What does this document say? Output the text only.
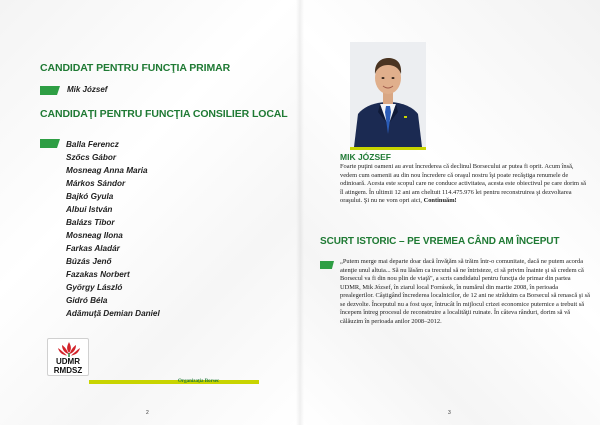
CANDIDAT PENTRU FUNCŢIA PRIMAR
Mik József
CANDIDAŢI PENTRU FUNCŢIA CONSILIER LOCAL
Balla Ferencz
Szőcs Gábor
Mosneag Anna Maria
Márkos Sándor
Bajkó Gyula
Albui István
Balázs Tibor
Mosneag Ilona
Farkas Aladár
Búzás Jenő
Fazakas Norbert
György László
Gidró Béla
Adămuţă Demian Daniel
UDMR
RMDSZ
Organizaţia Borsec
2
MIK JÓZSEF
Foarte puţini oameni au avut încrederea că declinul Borsecului ar putea fi oprit. Acum însă, vedem cum oamenii au din nou încredere că oraşul nostru îşi poate recăştiga renumele de odinioară. Acesta este scopul care ne conduce activitatea, acesta este obiectivul pe care dorim să îl atingem. În ultimii 12 ani am cheltuit 114.475.976 lei pentru reconstruirea şi dezvoltarea oraşului. Şi nu ne vom opri aici, Continuăm!
SCURT ISTORIC – PE VREMEA CÂND AM ÎNCEPUT
„Putem merge mai departe doar dacă învăţăm să trăim într-o comunitate, dacă ne putem acorda atenţie unul altuia... Să nu lăsăm ca trecutul să ne întristeze, ci să privim înainte şi să credem că Borsecul va fi din nou plin de viaţă", a scris candidatul pentru funcţia de primar din partea UDMR, Mik József, în ziarul local Források, în numărul din martie 2008, în perioada prealegerilor. Câştigând încrederea localnicilor, de 12 ani ne străduim ca Borsecul să renască şi să se dezvolte. Începutul nu a fost uşor, întrucât în mijlocul crizei economice puternice a trebuit să începem întreg procesul de reconstruire a localităţii ruinate. În câteva rânduri, dorim să vă călăuzim în perioada anilor 2008–2012.
3
